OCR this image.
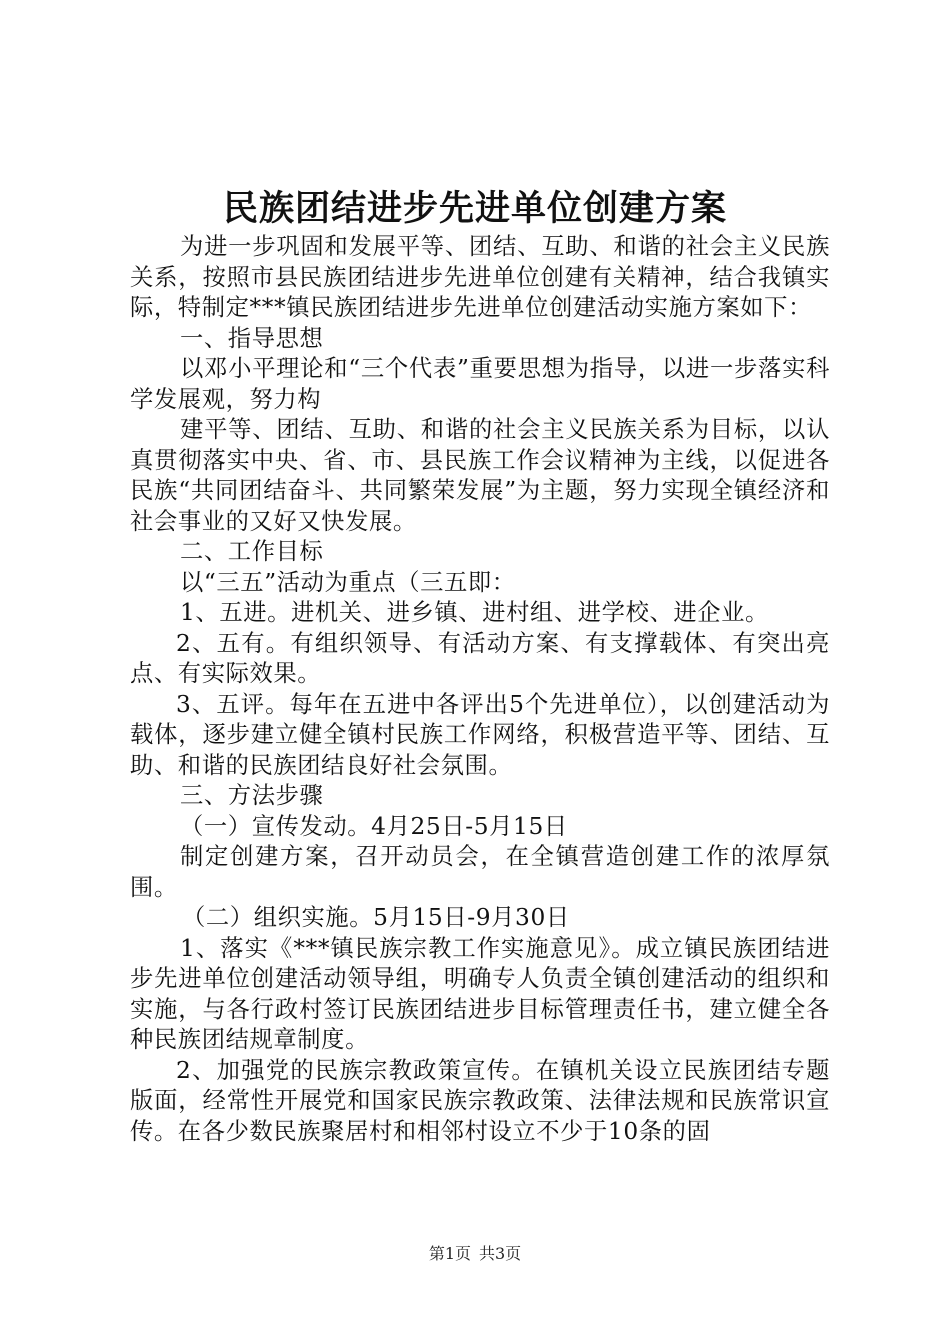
民族团结进步先进单位创建方案

为进一步巩固和发展平等、团结、互助、和谐的社会主义民族关系，按照市县民族团结进步先进单位创建有关精神，结合我镇实际，特制定***镇民族团结进步先进单位创建活动实施方案如下：

一、指导思想

以邓小平理论和“三个代表”重要思想为指导，以进一步落实科学发展观，努力构

建平等、团结、互助、和谐的社会主义民族关系为目标，以认真贯彻落实中央、省、市、县民族工作会议精神为主线，以促进各民族“共同团结奋斗、共同繁荣发展”为主题，努力实现全镇经济和社会事业的又好又快发展。

二、工作目标

以“三五”活动为重点（三五即：

1、五进。进机关、进乡镇、进村组、进学校、进企业。

2、五有。有组织领导、有活动方案、有支撑载体、有突出亮点、有实际效果。

3、五评。每年在五进中各评出5个先进单位），以创建活动为载体，逐步建立健全镇村民族工作网络，积极营造平等、团结、互助、和谐的民族团结良好社会氛围。

三、方法步骤

（一）宣传发动。4月25日-5月15日

制定创建方案，召开动员会，在全镇营造创建工作的浓厚氛围。

（二）组织实施。5月15日-9月30日

1、落实《***镇民族宗教工作实施意见》。成立镇民族团结进步先进单位创建活动领导组，明确专人负责全镇创建活动的组织和实施，与各行政村签订民族团结进步目标管理责任书，建立健全各种民族团结规章制度。

2、加强党的民族宗教政策宣传。在镇机关设立民族团结专题版面，经常性开展党和国家民族宗教政策、法律法规和民族常识宣传。在各少数民族聚居村和相邻村设立不少于10条的固

第1页 共3页
